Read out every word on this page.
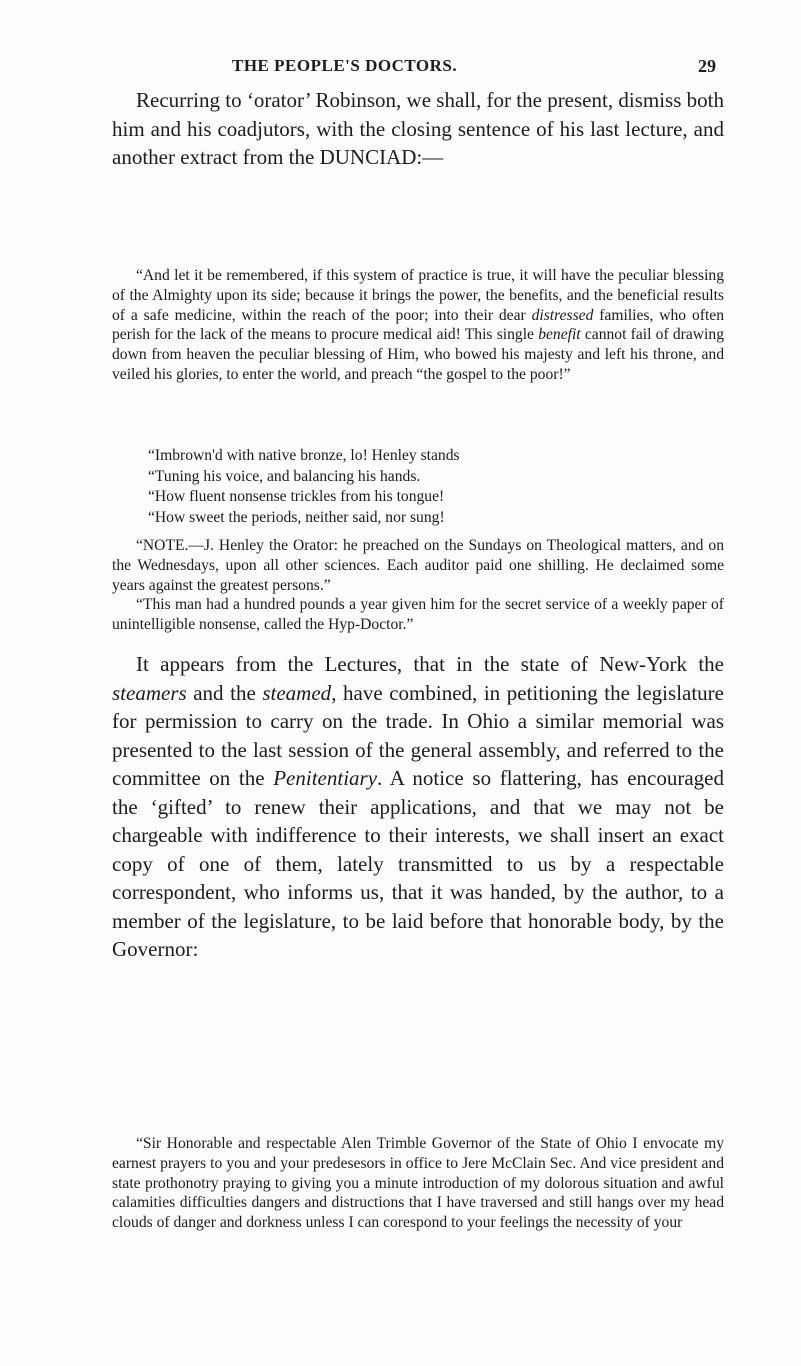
THE PEOPLE'S DOCTORS.	29

Recurring to ‘orator’ Robinson, we shall, for the present, dismiss both him and his coadjutors, with the closing sentence of his last lecture, and another extract from the DUNCIAD:—

“And let it be remembered, if this system of practice is true, it will have the peculiar blessing of the Almighty upon its side; because it brings the power, the benefits, and the beneficial results of a safe medicine, within the reach of the poor; into their dear distressed families, who often perish for the lack of the means to procure medical aid! This single benefit cannot fail of drawing down from heaven the peculiar blessing of Him, who bowed his majesty and left his throne, and veiled his glories, to enter the world, and preach “the gospel to the poor!”

“Imbrown'd with native bronze, lo! Henley stands
“Tuning his voice, and balancing his hands.
“How fluent nonsense trickles from his tongue!
“How sweet the periods, neither said, nor sung!

“NOTE.—J. Henley the Orator: he preached on the Sundays on Theological matters, and on the Wednesdays, upon all other sciences. Each auditor paid one shilling. He declaimed some years against the greatest persons.”

“This man had a hundred pounds a year given him for the secret service of a weekly paper of unintelligible nonsense, called the Hyp-Doctor.”

It appears from the Lectures, that in the state of New-York the steamers and the steamed, have combined, in petitioning the legislature for permission to carry on the trade. In Ohio a similar memorial was presented to the last session of the general assembly, and referred to the committee on the Penitentiary. A notice so flattering, has encouraged the ‘gifted’ to renew their applications, and that we may not be chargeable with indifference to their interests, we shall insert an exact copy of one of them, lately transmitted to us by a respectable correspondent, who informs us, that it was handed, by the author, to a member of the legislature, to be laid before that honorable body, by the Governor:

“Sir Honorable and respectable Alen Trimble Governor of the State of Ohio I envocate my earnest prayers to you and your predesesors in office to Jere McClain Sec. And vice president and state prothonotry praying to giving you a minute introduction of my dolorous situation and awful calamities difficulties dangers and distructions that I have traversed and still hangs over my head clouds of danger and dorkness unless I can corespond to your feelings the necessity of your
